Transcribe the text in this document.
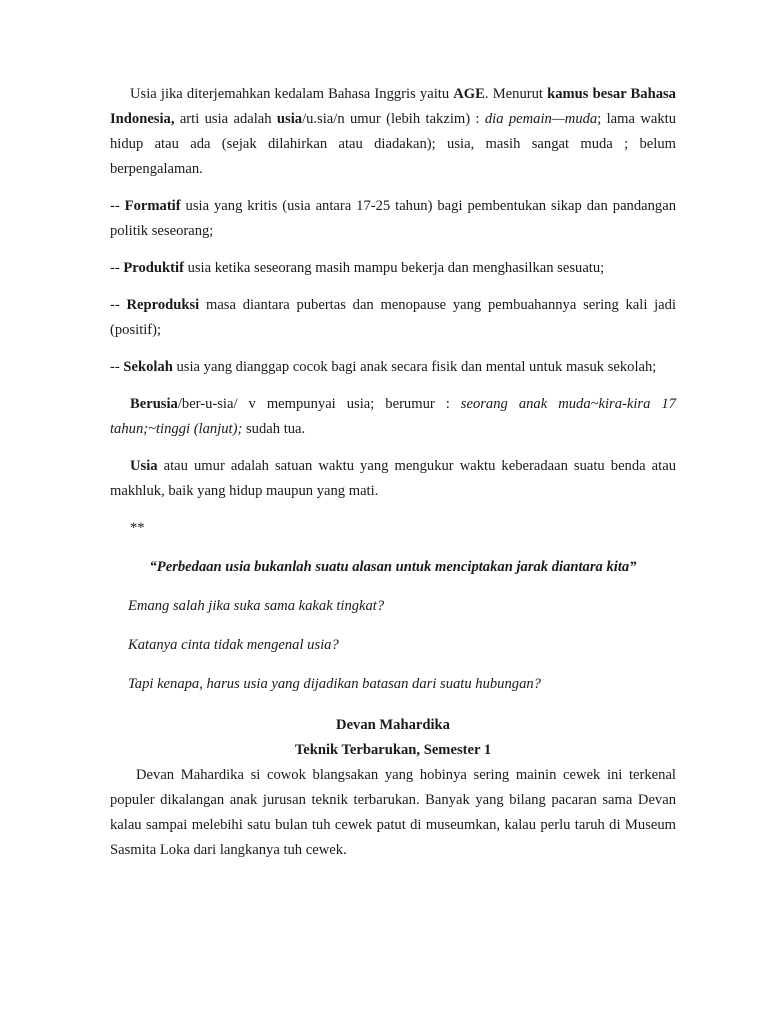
Usia jika diterjemahkan kedalam Bahasa Inggris yaitu AGE. Menurut kamus besar Bahasa Indonesia, arti usia adalah usia/u.sia/n umur (lebih takzim) : dia pemain—muda; lama waktu hidup atau ada (sejak dilahirkan atau diadakan); usia, masih sangat muda ; belum berpengalaman.

-- Formatif usia yang kritis (usia antara 17-25 tahun) bagi pembentukan sikap dan pandangan politik seseorang;

-- Produktif usia ketika seseorang masih mampu bekerja dan menghasilkan sesuatu;

-- Reproduksi masa diantara pubertas dan menopause yang pembuahannya sering kali jadi (positif);

-- Sekolah usia yang dianggap cocok bagi anak secara fisik dan mental untuk masuk sekolah;

Berusia/ber-u-sia/ v mempunyai usia; berumur : seorang anak muda~kira-kira 17 tahun;~tinggi (lanjut); sudah tua.

Usia atau umur adalah satuan waktu yang mengukur waktu keberadaan suatu benda atau makhluk, baik yang hidup maupun yang mati.

**

“Perbedaan usia bukanlah suatu alasan untuk menciptakan jarak diantara kita”

Emang salah jika suka sama kakak tingkat?

Katanya cinta tidak mengenal usia?

Tapi kenapa, harus usia yang dijadikan batasan dari suatu hubungan?

Devan Mahardika

Teknik Terbarukan, Semester 1

Devan Mahardika si cowok blangsakan yang hobinya sering mainin cewek ini terkenal populer dikalangan anak jurusan teknik terbarukan. Banyak yang bilang pacaran sama Devan kalau sampai melebihi satu bulan tuh cewek patut di museumkan, kalau perlu taruh di Museum Sasmita Loka dari langkanya tuh cewek.
